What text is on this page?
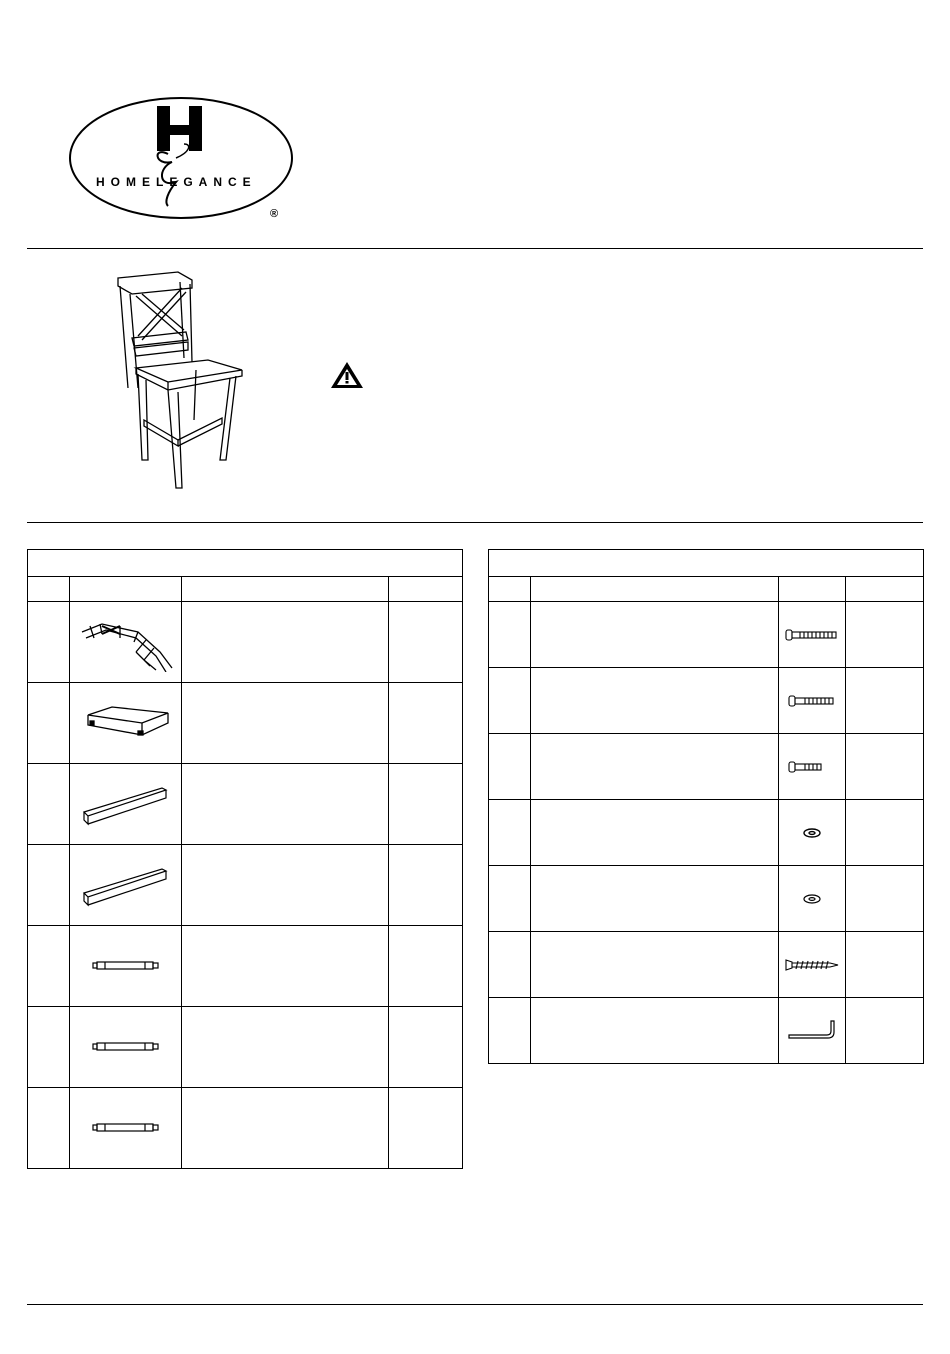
HOMELEGANCE
®
